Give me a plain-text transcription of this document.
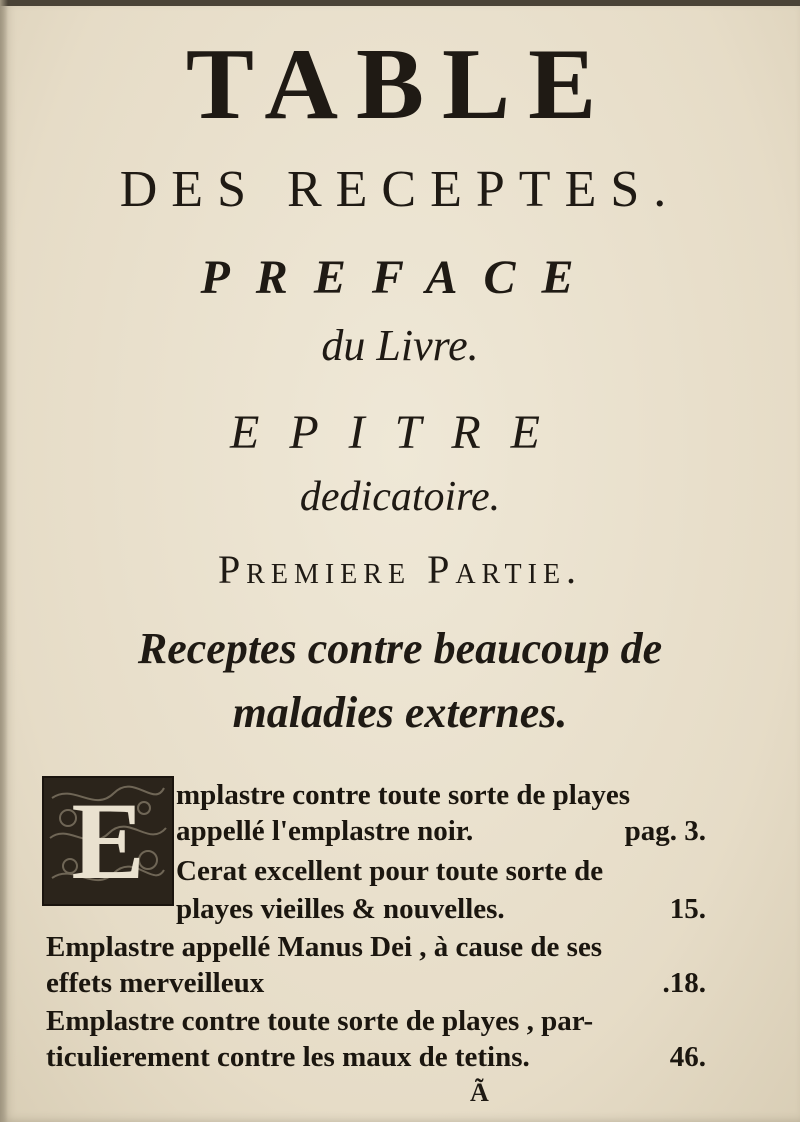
TABLE
DES RECEPTES.
PREFACE
du Livre.
EPITRE
dedicatoire.
Premiere Partie.
Receptes contre beaucoup de
maladies externes.
E	mplastre contre toute sorte de playes
appellé l'emplastre noir.	pag. 3.
Cerat excellent pour toute sorte de
playes vieilles & nouvelles.	15.
Emplastre appellé Manus Dei , à cause de ses
effets merveilleux	.18.
Emplastre contre toute sorte de playes , par-
ticulierement contre les maux de tetins.	46.
Ã
